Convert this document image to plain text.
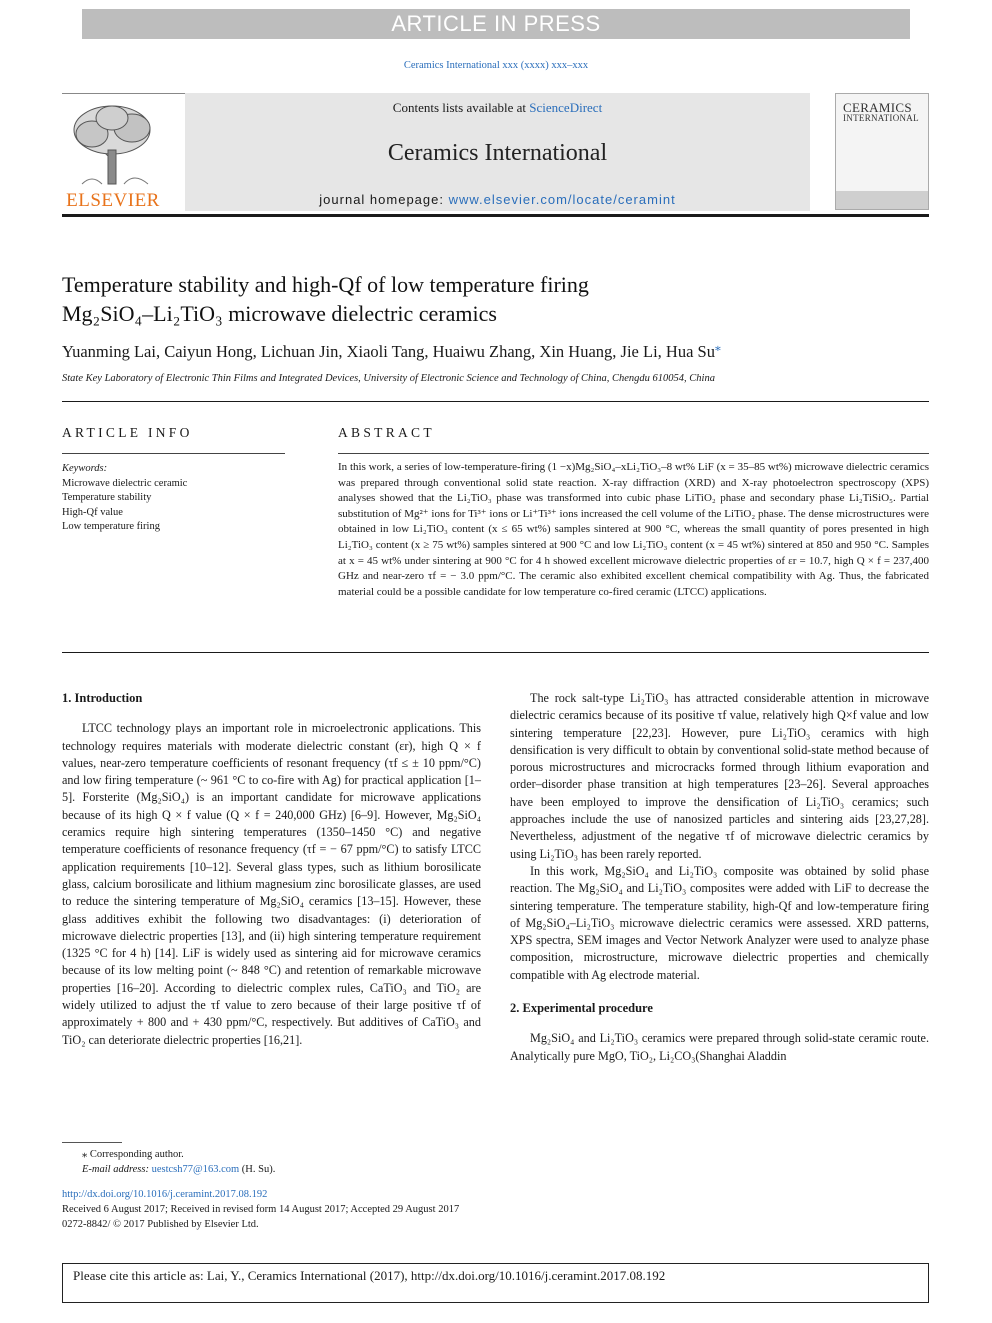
ARTICLE IN PRESS
Ceramics International xxx (xxxx) xxx–xxx
ELSEVIER
Contents lists available at ScienceDirect
Ceramics International
journal homepage: www.elsevier.com/locate/ceramint
CERAMICS
INTERNATIONAL
Temperature stability and high-Qf of low temperature firing
Mg₂SiO₄–Li₂TiO₃ microwave dielectric ceramics
Yuanming Lai, Caiyun Hong, Lichuan Jin, Xiaoli Tang, Huaiwu Zhang, Xin Huang, Jie Li, Hua Su⁎
State Key Laboratory of Electronic Thin Films and Integrated Devices, University of Electronic Science and Technology of China, Chengdu 610054, China
ARTICLE INFO	ABSTRACT
Keywords:
Microwave dielectric ceramic
Temperature stability
High-Qf value
Low temperature firing
In this work, a series of low-temperature-firing (1 −x)Mg₂SiO₄–xLi₂TiO₃–8 wt% LiF (x = 35–85 wt%) microwave dielectric ceramics was prepared through conventional solid state reaction. X-ray diffraction (XRD) and X-ray photoelectron spectroscopy (XPS) analyses showed that the Li₂TiO₃ phase was transformed into cubic phase LiTiO₂ phase and secondary phase Li₂TiSiO₅. Partial substitution of Mg²⁺ ions for Ti³⁺ ions or Li⁺Ti³⁺ ions increased the cell volume of the LiTiO₂ phase. The dense microstructures were obtained in low Li₂TiO₃ content (x ≤ 65 wt%) samples sintered at 900 °C, whereas the small quantity of pores presented in high Li₂TiO₃ content (x ≥ 75 wt%) samples sintered at 900 °C and low Li₂TiO₃ content (x = 45 wt%) sintered at 850 and 950 °C. Samples at x = 45 wt% under sintering at 900 °C for 4 h showed excellent microwave dielectric properties of εr = 10.7, high Q × f = 237,400 GHz and near-zero τf = − 3.0 ppm/°C. The ceramic also exhibited excellent chemical compatibility with Ag. Thus, the fabricated material could be a possible candidate for low temperature co-fired ceramic (LTCC) applications.
1. Introduction

LTCC technology plays an important role in microelectronic applications. This technology requires materials with moderate dielectric constant (εr), high Q × f values, near-zero temperature coefficients of resonant frequency (τf ≤ ± 10 ppm/°C) and low firing temperature (~ 961 °C to co-fire with Ag) for practical application [1–5]. Forsterite (Mg₂SiO₄) is an important candidate for microwave applications because of its high Q × f value (Q × f = 240,000 GHz) [6–9]. However, Mg₂SiO₄ ceramics require high sintering temperatures (1350–1450 °C) and negative temperature coefficients of resonance frequency (τf = − 67 ppm/°C) to satisfy LTCC application requirements [10–12]. Several glass types, such as lithium borosilicate glass, calcium borosilicate and lithium magnesium zinc borosilicate glasses, are used to reduce the sintering temperature of Mg₂SiO₄ ceramics [13–15]. However, these glass additives exhibit the following two disadvantages: (i) deterioration of microwave dielectric properties [13], and (ii) high sintering temperature requirement (1325 °C for 4 h) [14]. LiF is widely used as sintering aid for microwave ceramics because of its low melting point (~ 848 °C) and retention of remarkable microwave properties [16–20]. According to dielectric complex rules, CaTiO₃ and TiO₂ are widely utilized to adjust the τf value to zero because of their large positive τf of approximately + 800 and + 430 ppm/°C, respectively. But additives of CaTiO₃ and TiO₂ can deteriorate dielectric properties [16,21].

The rock salt-type Li₂TiO₃ has attracted considerable attention in microwave dielectric ceramics because of its positive τf value, relatively high Q×f value and low sintering temperature [22,23]. However, pure Li₂TiO₃ ceramics with high densification is very difficult to obtain by conventional solid-state method because of porous microstructures and microcracks formed through lithium evaporation and order–disorder phase transition at high temperatures [23–26]. Several approaches have been employed to improve the densification of Li₂TiO₃ ceramics; such approaches include the use of nanosized particles and sintering aids [23,27,28]. Nevertheless, adjustment of the negative τf of microwave dielectric ceramics by using Li₂TiO₃ has been rarely reported.

In this work, Mg₂SiO₄ and Li₂TiO₃ composite was obtained by solid phase reaction. The Mg₂SiO₄ and Li₂TiO₃ composites were added with LiF to decrease the sintering temperature. The temperature stability, high-Qf and low-temperature firing of Mg₂SiO₄–Li₂TiO₃ microwave dielectric ceramics were assessed. XRD patterns, XPS spectra, SEM images and Vector Network Analyzer were used to analyze phase composition, microstructure, microwave dielectric properties and chemically compatible with Ag electrode material.

2. Experimental procedure

Mg₂SiO₄ and Li₂TiO₃ ceramics were prepared through solid-state ceramic route. Analytically pure MgO, TiO₂, Li₂CO₃(Shanghai Aladdin

⁎ Corresponding author.
E-mail address: uestcsh77@163.com (H. Su).
http://dx.doi.org/10.1016/j.ceramint.2017.08.192
Received 6 August 2017; Received in revised form 14 August 2017; Accepted 29 August 2017
0272-8842/ © 2017 Published by Elsevier Ltd.
Please cite this article as: Lai, Y., Ceramics International (2017), http://dx.doi.org/10.1016/j.ceramint.2017.08.192
